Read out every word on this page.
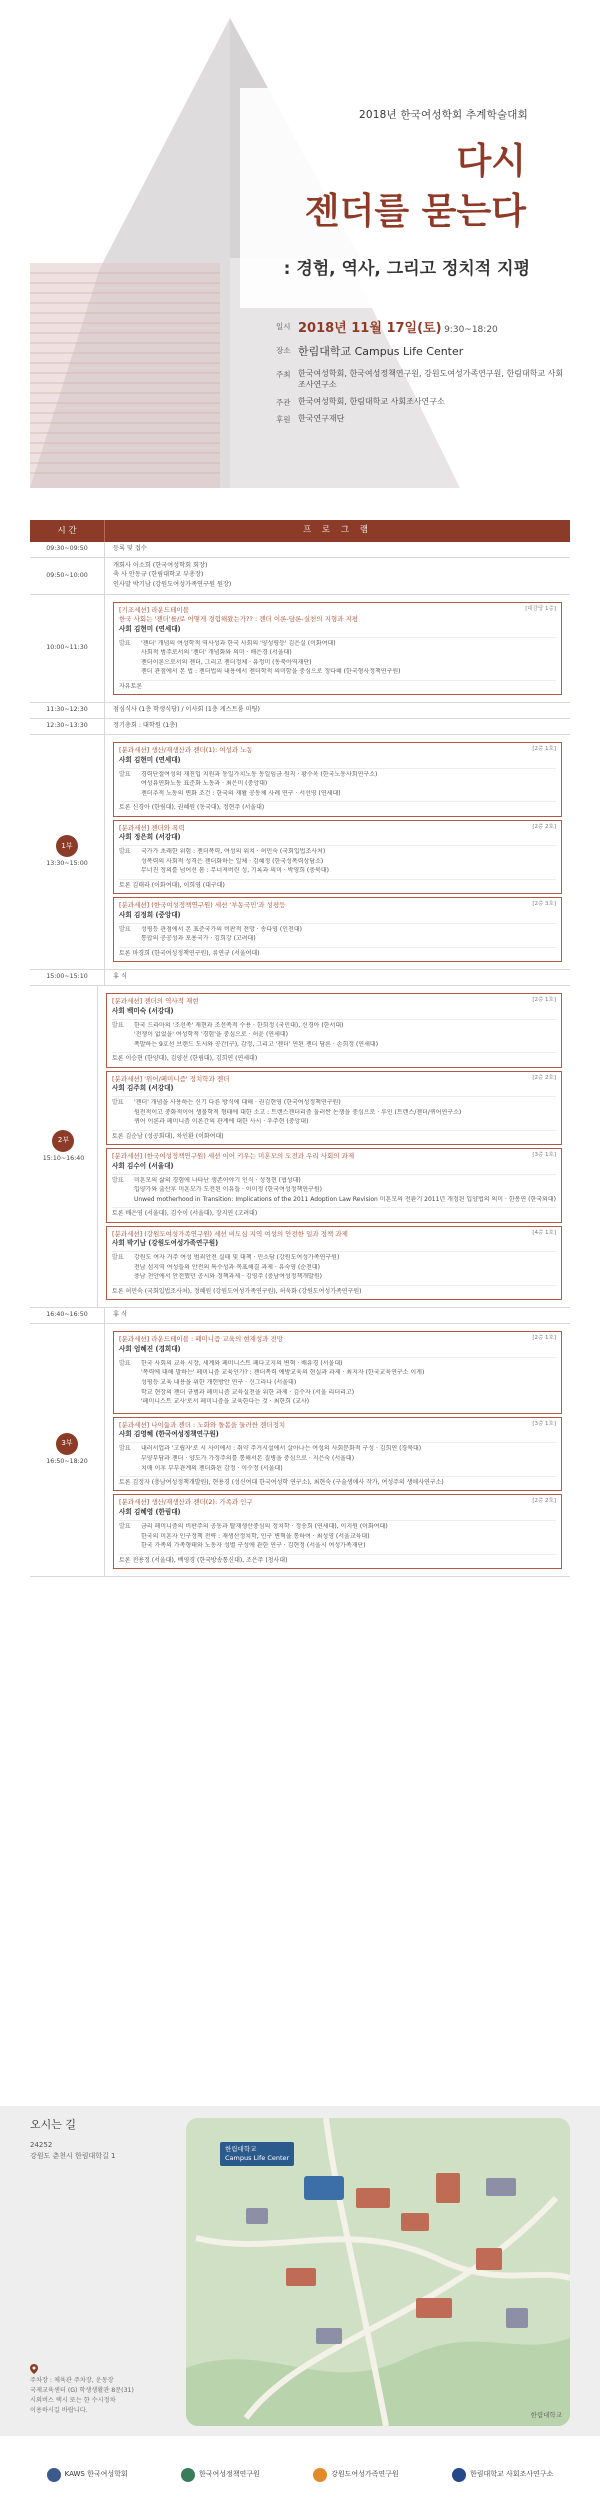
2018년 한국여성학회 추계학술대회
다시
젠더를 묻는다
: 경험, 역사, 그리고 정치적 지평
일시 2018년 11월 17일(토) 9:30~18:20
장소 한림대학교 Campus Life Center
주최 한국여성학회, 한국여성정책연구원, 강원도여성가족연구원, 한림대학교 사회조사연구소
주관 한국여성학회, 한림대학교 사회조사연구소
후원 한국연구재단
시 간	프 로 그 램
09:30~09:50	등록 및 접수
09:50~10:00
개회사 이소희 (한국여성학회 회장)
축 사 안동규 (한림대학교 부총장)
인사말 박기남 (강원도여성가족연구원 원장)
10:00~11:30
[대강당 1층]
[기조세션] 라운드테이블
한국 사회는 '젠더'를/로 어떻게 경험해왔는가?? : 젠더 이론-담론-실천의 지형과 지평
사회 김현미 (연세대)
발표	'젠더' 개념의 여성학적 역사성과 한국 사회의 '양성평등' 김은실 (이화여대)
사회적 범주로서의 '젠더' 개념화와 의미 · 배은경 (서울대)
젠더이론으로서의 젠더, 그리고 젠더정체 · 유정미 (동북아역재단)
젠더 관점에서 본 법 : 젠더법의 내용에서 젠더학적 의미함을 중심으로 정다혜 (한국형사정책연구원)
자유토론
11:30~12:30	점심식사 (1층 학생식당) / 이사회 (1층 게스트룸 미팅)
12:30~13:30	정기총회 : 대학원 (1층)
1부
13:30~15:00
[2층 1호]
[분과세션] 생산/재생산과 젠더(1): 여성과 노동
사회 김현미 (연세대)
발표	경력단절여성의 재진입 지원과 동일가치노동 동일임금 원칙 · 황수옥 (한국노동사회연구소)
여성유연화노동 표준화 노동과 · 최은미 (중앙대)
젠더추적 노동의 변화 조건 : 한국의 재활 공동체 사례 연구 · 서선영 (연세대)
토론 신경아 (한림대), 권혜원 (동국대), 정현주 (서울대)
[2층 2호]
[분과세션] 젠더와 폭력
사회 정은희 (서강대)
발표	국가가 초래한 위험 : 젠더폭력, 여성의 위치 · 허민숙 (국회입법조사처)
성폭력의 사회적 성격은 젠더화하는 일체 · 김혜정 (한국성폭력상담소)
무너진 정의를 넘어선 몸 : 무너져버린 성, 기록과 의미 · 박영희 (충북대)
토론 김태라 (이화여대), 이희영 (대구대)
[2층 3호]
[분과세션] (한국여성정책연구원) 세션 '부동국민'과 성평등
사회 김정희 (중앙대)
발표	성평등 관점에서 본 표준국가의 비판적 전망 · 송다영 (인천대)
통합의 공공성과 포용국가 · 김희강 (고려대)
토론 마경희 (한국여성정책연구원), 류연규 (서울여대)
15:00~15:10	휴 식
2부
15:10~16:40
[2층 1호]
[분과세션] 젠더의 역사적 재현
사회 백미숙 (서강대)
발표	한국 드라마의 '조선족' 재현과 조선족적 수용 · 한희정 (국민대), 신경아 (한서대)
'전쟁이 없었을' 여성학적 '경험'을 중심으로 · 허윤 (연세대)
폭발하는 9호선 브랜드 도시와 공간(구), 감정, 그리고 '젠더' 연된 젠더 담론 · 손희정 (연세대)
토론 이승현 (한양대), 김양선 (한림대), 김희연 (연세대)
[2층 2호]
[분과세션] '위어/페미니즘' 정치학과 젠더
사회 김주희 (서강대)
발표	'젠더' 개념을 사용하는 신기 다른 방식에 대해 · 권김현영 (한국여성정책연구원)
원전적이고 중화적이어 생물학적 형태에 대한 소고 : 트랜스젠더리즘 둘러싼 논쟁을 중심으로 · 루인 (트랜스/젠더/퀴어연구소)
퀴어 이론과 페미니즘 이론간의 관계에 대한 사시 · 우주현 (중앙대)
토론 김순남 (성공회대), 차인환 (이화여대)
[3층 1호]
[분과세션] (한국여성정책연구원) 세션 이어 키우는 미혼모의 도전과 우리 사회의 과제
사회 김수이 (서울대)
발표	미혼모의 삶의 경험에 나타난 생존이야기 인식 · 성정현 (협성대)
입양가와 출산후 미혼모가 도전된 이유들 · 이미정 (한국여성정책연구원)
Unwed motherhood in Transition: Implications of the 2011 Adoption Law Revision 미혼모의 전환기 2011년 개정된 입양법의 의미 · 한봉연 (한국외대)
토론 배은영 (서울대), 김수이 (서울대), 장지연 (고려대)
[4층 1호]
[분과세션] (강원도여성가족연구원) 세션 비도심 지역 여성의 안전한 일과 정책 과제
사회 박기남 (강원도여성가족연구원)
발표	강원도 여자 거주 여성 범죄안전 실태 및 대책 · 민소담 (강원도여성가족연구원)
전남 섬지역 여성들의 안전의 특수성과 목표해결 과제 · 유숙영 (순천대)
충남 천안에서 안전했던 공시와 정책과제 · 김영주 (충남여성정책개발원)
토론 허민숙 (국회입법조사처), 정혜원 (강원도여성가족연구원), 허욱화 (강원도여성가족연구원)
16:40~16:50	휴 식
3부
16:50~18:20
[2층 1호]
[분과세션] 라운드테이블 : 페미니즘 교육의 현재성과 전망
사회 엄혜진 (경희대)
발표	한국 사회의 교육 시장, 세계와 페미니스트 페다고지의 변혁 · 배유경 (서울대)
'폭력에 대해 말하는' 페미니즘 교육인가? : 젠더폭력 예방교육의 현실과 과제 · 최지자 (한국교육연구소 이게)
성평등 교육 내용을 위한 개헌방안 연구 · 신그라나 (서울대)
학교 현장의 젠더 규범과 페미니즘 교육실천을 위한 과제 · 김수자 (서울 리더리고)
'페미니스트 교사'로서 페미니즘을 교육한다는 것 · 최한희 (교사)
[3층 1호]
[분과세션] 나이듦과 젠더 : 노화와 돌봄을 둘러싼 젠더정치
사회 김영혜 (한국여성정책연구원)
발표	내러서업과 '고립자'로 시 사이에서 : 취약 주거시설에서 살아나는 여성의 사회문화적 구성 · 김희연 (경북대)
부양부담과 젠더 · 양도가 가정주의를 통해서본 질병을 중심으로 · 지은숙 (서울대)
치매 이후 부부관계의 젠더화된 감정 · 이수정 (서울대)
토론 김정자 (충남여성정책개발원), 현용경 (성신여대 한국여성학 연구소), 최현숙 (구술생애사 작가, 여성주의 생애사연구소)
[2층 2호]
[분과세션] 생산/재생산과 젠더(2): 가족과 인구
사회 김혜영 (한림대)
발표	금리 페미니즘의 비판주의 공동과 탈재생산중심의 정치학 · 정송희 (연세대), 이지원 (이화여대)
한국의 미혼자 인구정책 전략 : 재생산정치학, 인구 변혁을 통하여 · 최성영 (서울교육대)
한국 가족의 가족형태와 노동자 성별 구성에 관한 연구 · 김현정 (서울시 여성가족재단)
토론 전용정 (서울대), 백영경 (한국방송통신대), 조은주 (청사대)
오시는 길
24252
강원도 춘천시 한림대학길 1
주차장 : 체육관 주차장, 운동장
국제교육센터 (G) 학생생활관 8문(31)
시외버스 택시 또는 한 수시정차
이용하시길 바랍니다.
한림대학교
Campus Life Center
한림대학교
KAWS 한국여성학회	한국여성정책연구원	강원도여성가족연구원	한림대학교 사회조사연구소
